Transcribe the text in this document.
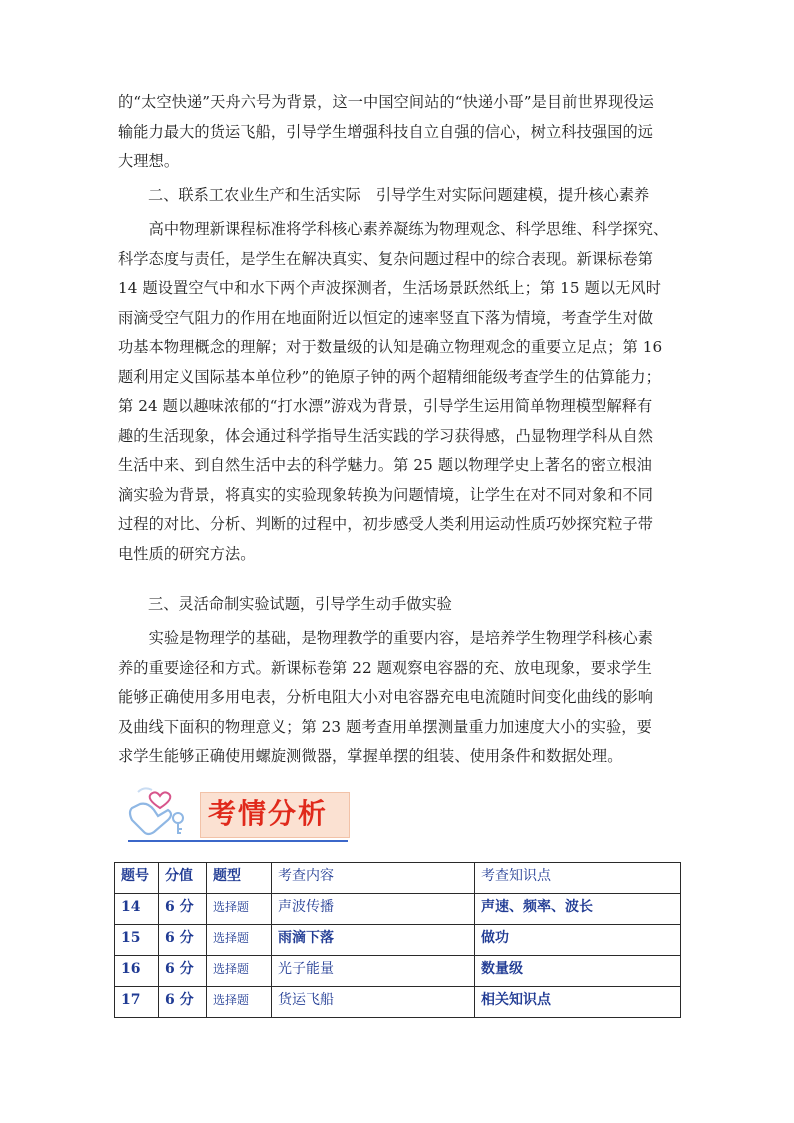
的“太空快递”天舟六号为背景，这一中国空间站的“快递小哥”是目前世界现役运
输能力最大的货运飞船，引导学生增强科技自立自强的信心，树立科技强国的远
大理想。

二、联系工农业生产和生活实际　引导学生对实际问题建模，提升核心素养

　　高中物理新课程标准将学科核心素养凝练为物理观念、科学思维、科学探究、
科学态度与责任，是学生在解决真实、复杂问题过程中的综合表现。新课标卷第
14 题设置空气中和水下两个声波探测者，生活场景跃然纸上；第 15 题以无风时
雨滴受空气阻力的作用在地面附近以恒定的速率竖直下落为情境，考查学生对做
功基本物理概念的理解；对于数量级的认知是确立物理观念的重要立足点；第 16
题利用定义国际基本单位秒”的铯原子钟的两个超精细能级考查学生的估算能力；
第 24 题以趣味浓郁的“打水漂”游戏为背景，引导学生运用简单物理模型解释有
趣的生活现象，体会通过科学指导生活实践的学习获得感，凸显物理学科从自然
生活中来、到自然生活中去的科学魅力。第 25 题以物理学史上著名的密立根油
滴实验为背景，将真实的实验现象转换为问题情境，让学生在对不同对象和不同
过程的对比、分析、判断的过程中，初步感受人类利用运动性质巧妙探究粒子带
电性质的研究方法。

三、灵活命制实验试题，引导学生动手做实验

　　实验是物理学的基础，是物理教学的重要内容，是培养学生物理学科核心素
养的重要途径和方式。新课标卷第 22 题观察电容器的充、放电现象，要求学生
能够正确使用多用电表，分析电阻大小对电容器充电电流随时间变化曲线的影响
及曲线下面积的物理意义；第 23 题考查用单摆测量重力加速度大小的实验，要
求学生能够正确使用螺旋测微器，掌握单摆的组装、使用条件和数据处理。
考情分析
题号	分值	题型	考查内容	考查知识点
14	6 分	选择题	声波传播	声速、频率、波长
15	6 分	选择题	雨滴下落	做功
16	6 分	选择题	光子能量	数量级
17	6 分	选择题	货运飞船	相关知识点
